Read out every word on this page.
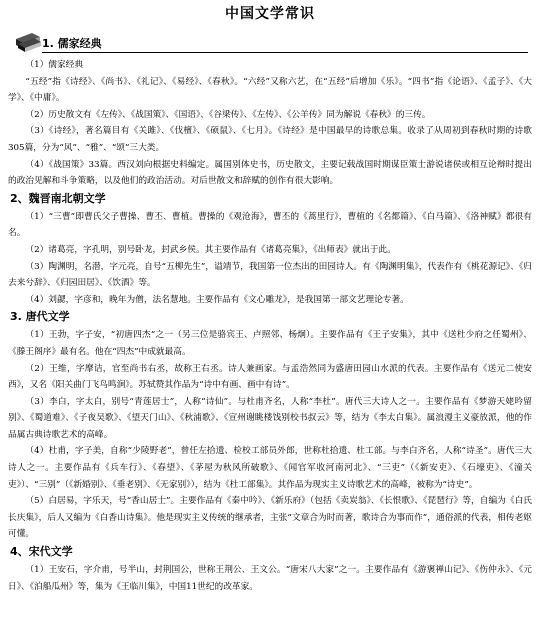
中国文学常识
1. 儒家经典

（1）儒家经典

“五经”指《诗经》、《尚书》、《礼记》、《易经》、《春秋》。“六经”又称六艺，在“五经”后增加《乐》。“四书”指《论语》、《孟子》、《大学》、《中庸》。

（2）历史散文有《左传》、《战国策》、《国语》、《谷梁传》、《左传》、《公羊传》同为解说《春秋》的三传。

（3）《诗经》，著名篇目有《关雎》、《伐檀》、《硕鼠》、《七月》。《诗经》是中国最早的诗歌总集。收录了从周初到春秋时期的诗歌305篇，分为“风”、“雅”、“颂”三大类。

（4）《战国策》33篇。西汉刘向根据史料编定。属国别体史书，历史散文，主要记载战国时期谋臣策士游说诸侯或相互论辩时提出的政治见解和斗争策略，以及他们的政治活动。对后世散文和辞赋的创作有很大影响。

2、魏晋南北朝文学

（1）“三曹”即曹氏父子曹操、曹丕、曹植。曹操的《观沧海》，曹丕的《蒿里行》，曹植的《名都篇》、《白马篇》、《洛神赋》都很有名。

（2）诸葛亮，字孔明，别号卧龙，封武乡侯。其主要作品有《诸葛亮集》，《出师表》就出于此。

（3）陶渊明，名潜，字元亮，自号“五柳先生”，谥靖节，我国第一位杰出的田园诗人。有《陶渊明集》，代表作有《桃花源记》、《归去来兮辞》、《归园田居》、《饮酒》等。

（4）刘勰，字彦和，晚年为僧，法名慧地。主要作品有《文心雕龙》，是我国第一部文艺理论专著。

3. 唐代文学

（1）王勃，字子安，“初唐四杰”之一（另三位是骆宾王、卢照邻、杨炯）。主要作品有《王子安集》，其中《送杜少府之任蜀州》、《滕王阁序》最有名。他在“四杰”中成就最高。

（2）王维，字摩诘，官至尚书右丞，故称王右丞。诗人兼画家。与孟浩然同为盛唐田园山水派的代表。主要作品有《送元二使安西》，又名《阳关曲门飞鸟鸣涧》。苏轼赞其作品为“诗中有画、画中有诗”。

（3）李白，字太白，别号“青莲居士”，人称“诗仙”。与杜甫齐名，人称“李杜”。唐代三大诗人之一。主要作品有《梦游天姥吟留别》、《蜀道难》、《子夜吴歌》、《望天门山》、《秋浦歌》、《宣州谢眺楼饯别校书叔云》等，结为《李太白集》。属浪漫主义豪放派，他的作品属古典诗歌艺术的高峰。

（4）杜甫，字子美，自称“少陵野老”，曾任左拾遗、检校工部员外郎，世称杜拾遗、杜工部。与李白齐名，人称“诗圣”。唐代三大诗人之一。主要作品有《兵车行》、《春望》、《茅屋为秋风所破歌》、《闻官军收河南河北》、“三吏”（《新安吏》、《石壕吏》、《潼关吏》）、“三别”（《新婚别》、《垂老别》、《无家别》），结为《杜工部集》。其作品为现实主义诗歌艺术的高峰，被称为“诗史”。

（5）白居易，字乐天，号“香山居士”。主要作品有《秦中吟》、《新乐府》（包括《卖炭翁》、《长恨歌》、《琵琶行》等，自编为《白氏长庆集》，后人又编为《白香山诗集》。他是现实主义传统的继承者，主张“文章合为时而著，歌诗合为事而作”，通俗派的代表，相传老妪可懂。

4、宋代文学

（1）王安石，字介甫，号半山，封荆国公，世称王荆公、王文公。“唐宋八大家”之一。主要作品有《游褒禅山记》、《伤仲永》、《元日》、《泊船瓜州》等，集为《王临川集》，中国11世纪的改革家。
